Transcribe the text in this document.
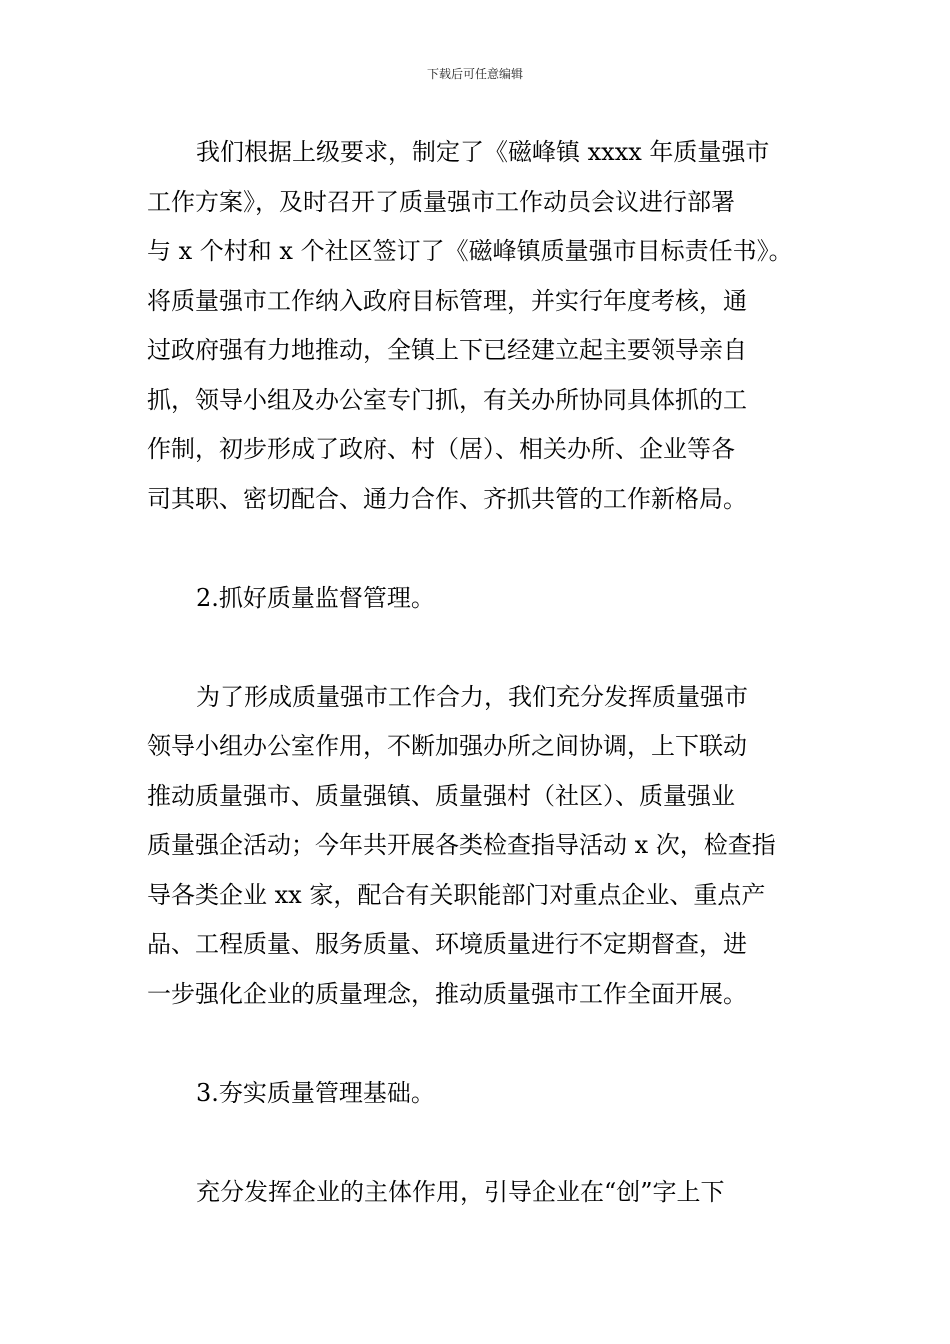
下载后可任意编辑
我们根据上级要求，制定了《磁峰镇 xxxx 年质量强市
工作方案》，及时召开了质量强市工作动员会议进行部署
与 x 个村和 x 个社区签订了《磁峰镇质量强市目标责任书》。
将质量强市工作纳入政府目标管理，并实行年度考核，通
过政府强有力地推动，全镇上下已经建立起主要领导亲自
抓，领导小组及办公室专门抓，有关办所协同具体抓的工
作制，初步形成了政府、村（居）、相关办所、企业等各
司其职、密切配合、通力合作、齐抓共管的工作新格局。
2.抓好质量监督管理。
为了形成质量强市工作合力，我们充分发挥质量强市
领导小组办公室作用，不断加强办所之间协调，上下联动
推动质量强市、质量强镇、质量强村（社区）、质量强业
质量强企活动；今年共开展各类检查指导活动 x 次，检查指
导各类企业 xx 家，配合有关职能部门对重点企业、重点产
品、工程质量、服务质量、环境质量进行不定期督查，进
一步强化企业的质量理念，推动质量强市工作全面开展。
3.夯实质量管理基础。
充分发挥企业的主体作用，引导企业在“创”字上下
